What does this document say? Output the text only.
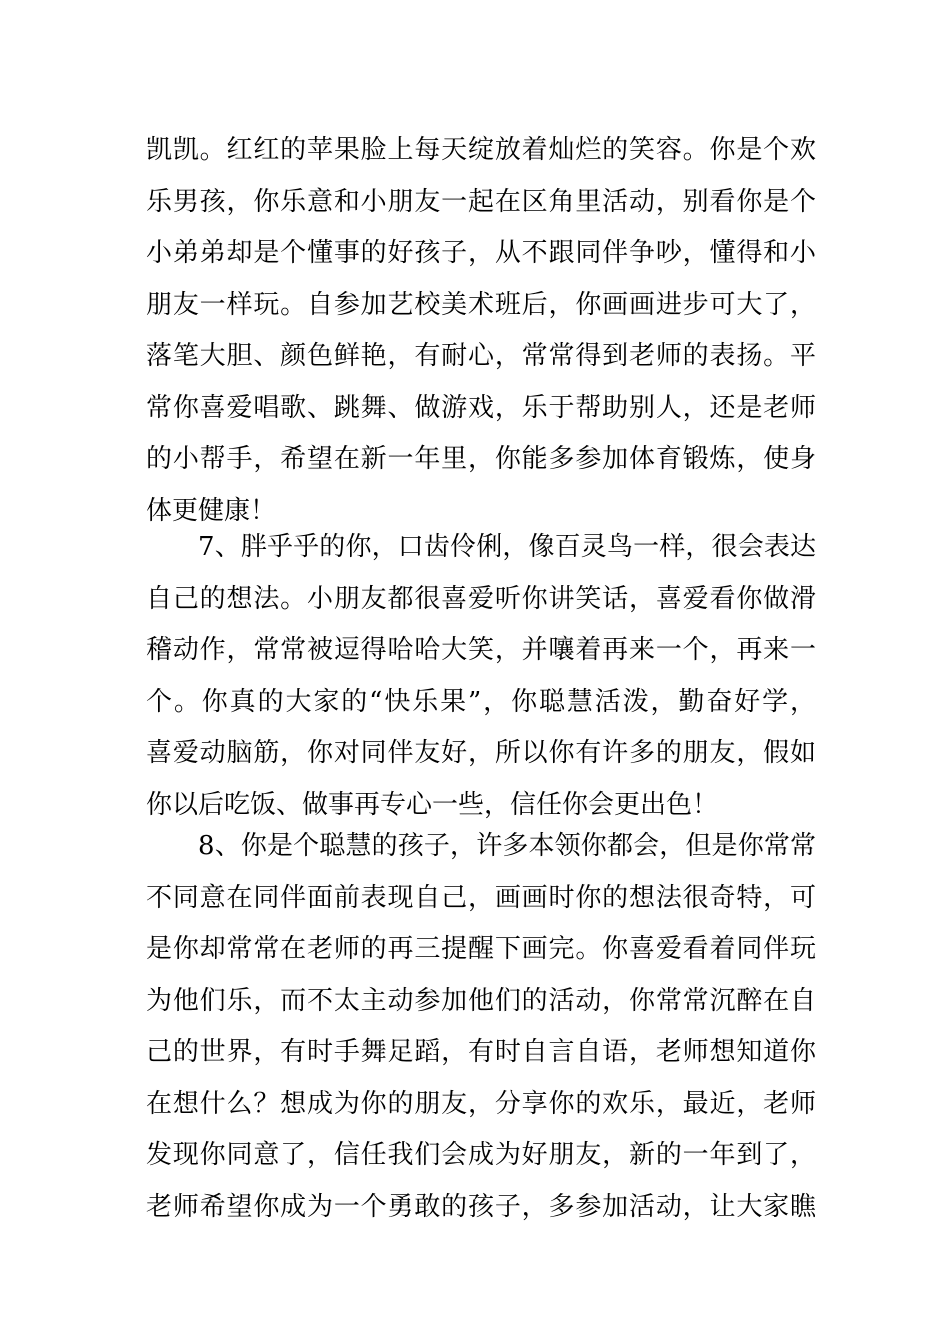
凯凯。红红的苹果脸上每天绽放着灿烂的笑容。你是个欢
乐男孩，你乐意和小朋友一起在区角里活动，别看你是个
小弟弟却是个懂事的好孩子，从不跟同伴争吵，懂得和小
朋友一样玩。自参加艺校美术班后，你画画进步可大了，
落笔大胆、颜色鲜艳，有耐心，常常得到老师的表扬。平
常你喜爱唱歌、跳舞、做游戏，乐于帮助别人，还是老师
的小帮手，希望在新一年里，你能多参加体育锻炼，使身
体更健康！
7、胖乎乎的你，口齿伶俐，像百灵鸟一样，很会表达
自己的想法。小朋友都很喜爱听你讲笑话，喜爱看你做滑
稽动作，常常被逗得哈哈大笑，并嚷着再来一个，再来一
个。你真的大家的“快乐果”，你聪慧活泼，勤奋好学，
喜爱动脑筋，你对同伴友好，所以你有许多的朋友，假如
你以后吃饭、做事再专心一些，信任你会更出色！
8、你是个聪慧的孩子，许多本领你都会，但是你常常
不同意在同伴面前表现自己，画画时你的想法很奇特，可
是你却常常在老师的再三提醒下画完。你喜爱看着同伴玩
为他们乐，而不太主动参加他们的活动，你常常沉醉在自
己的世界，有时手舞足蹈，有时自言自语，老师想知道你
在想什么？想成为你的朋友，分享你的欢乐，最近，老师
发现你同意了，信任我们会成为好朋友，新的一年到了，
老师希望你成为一个勇敢的孩子，多参加活动，让大家瞧
